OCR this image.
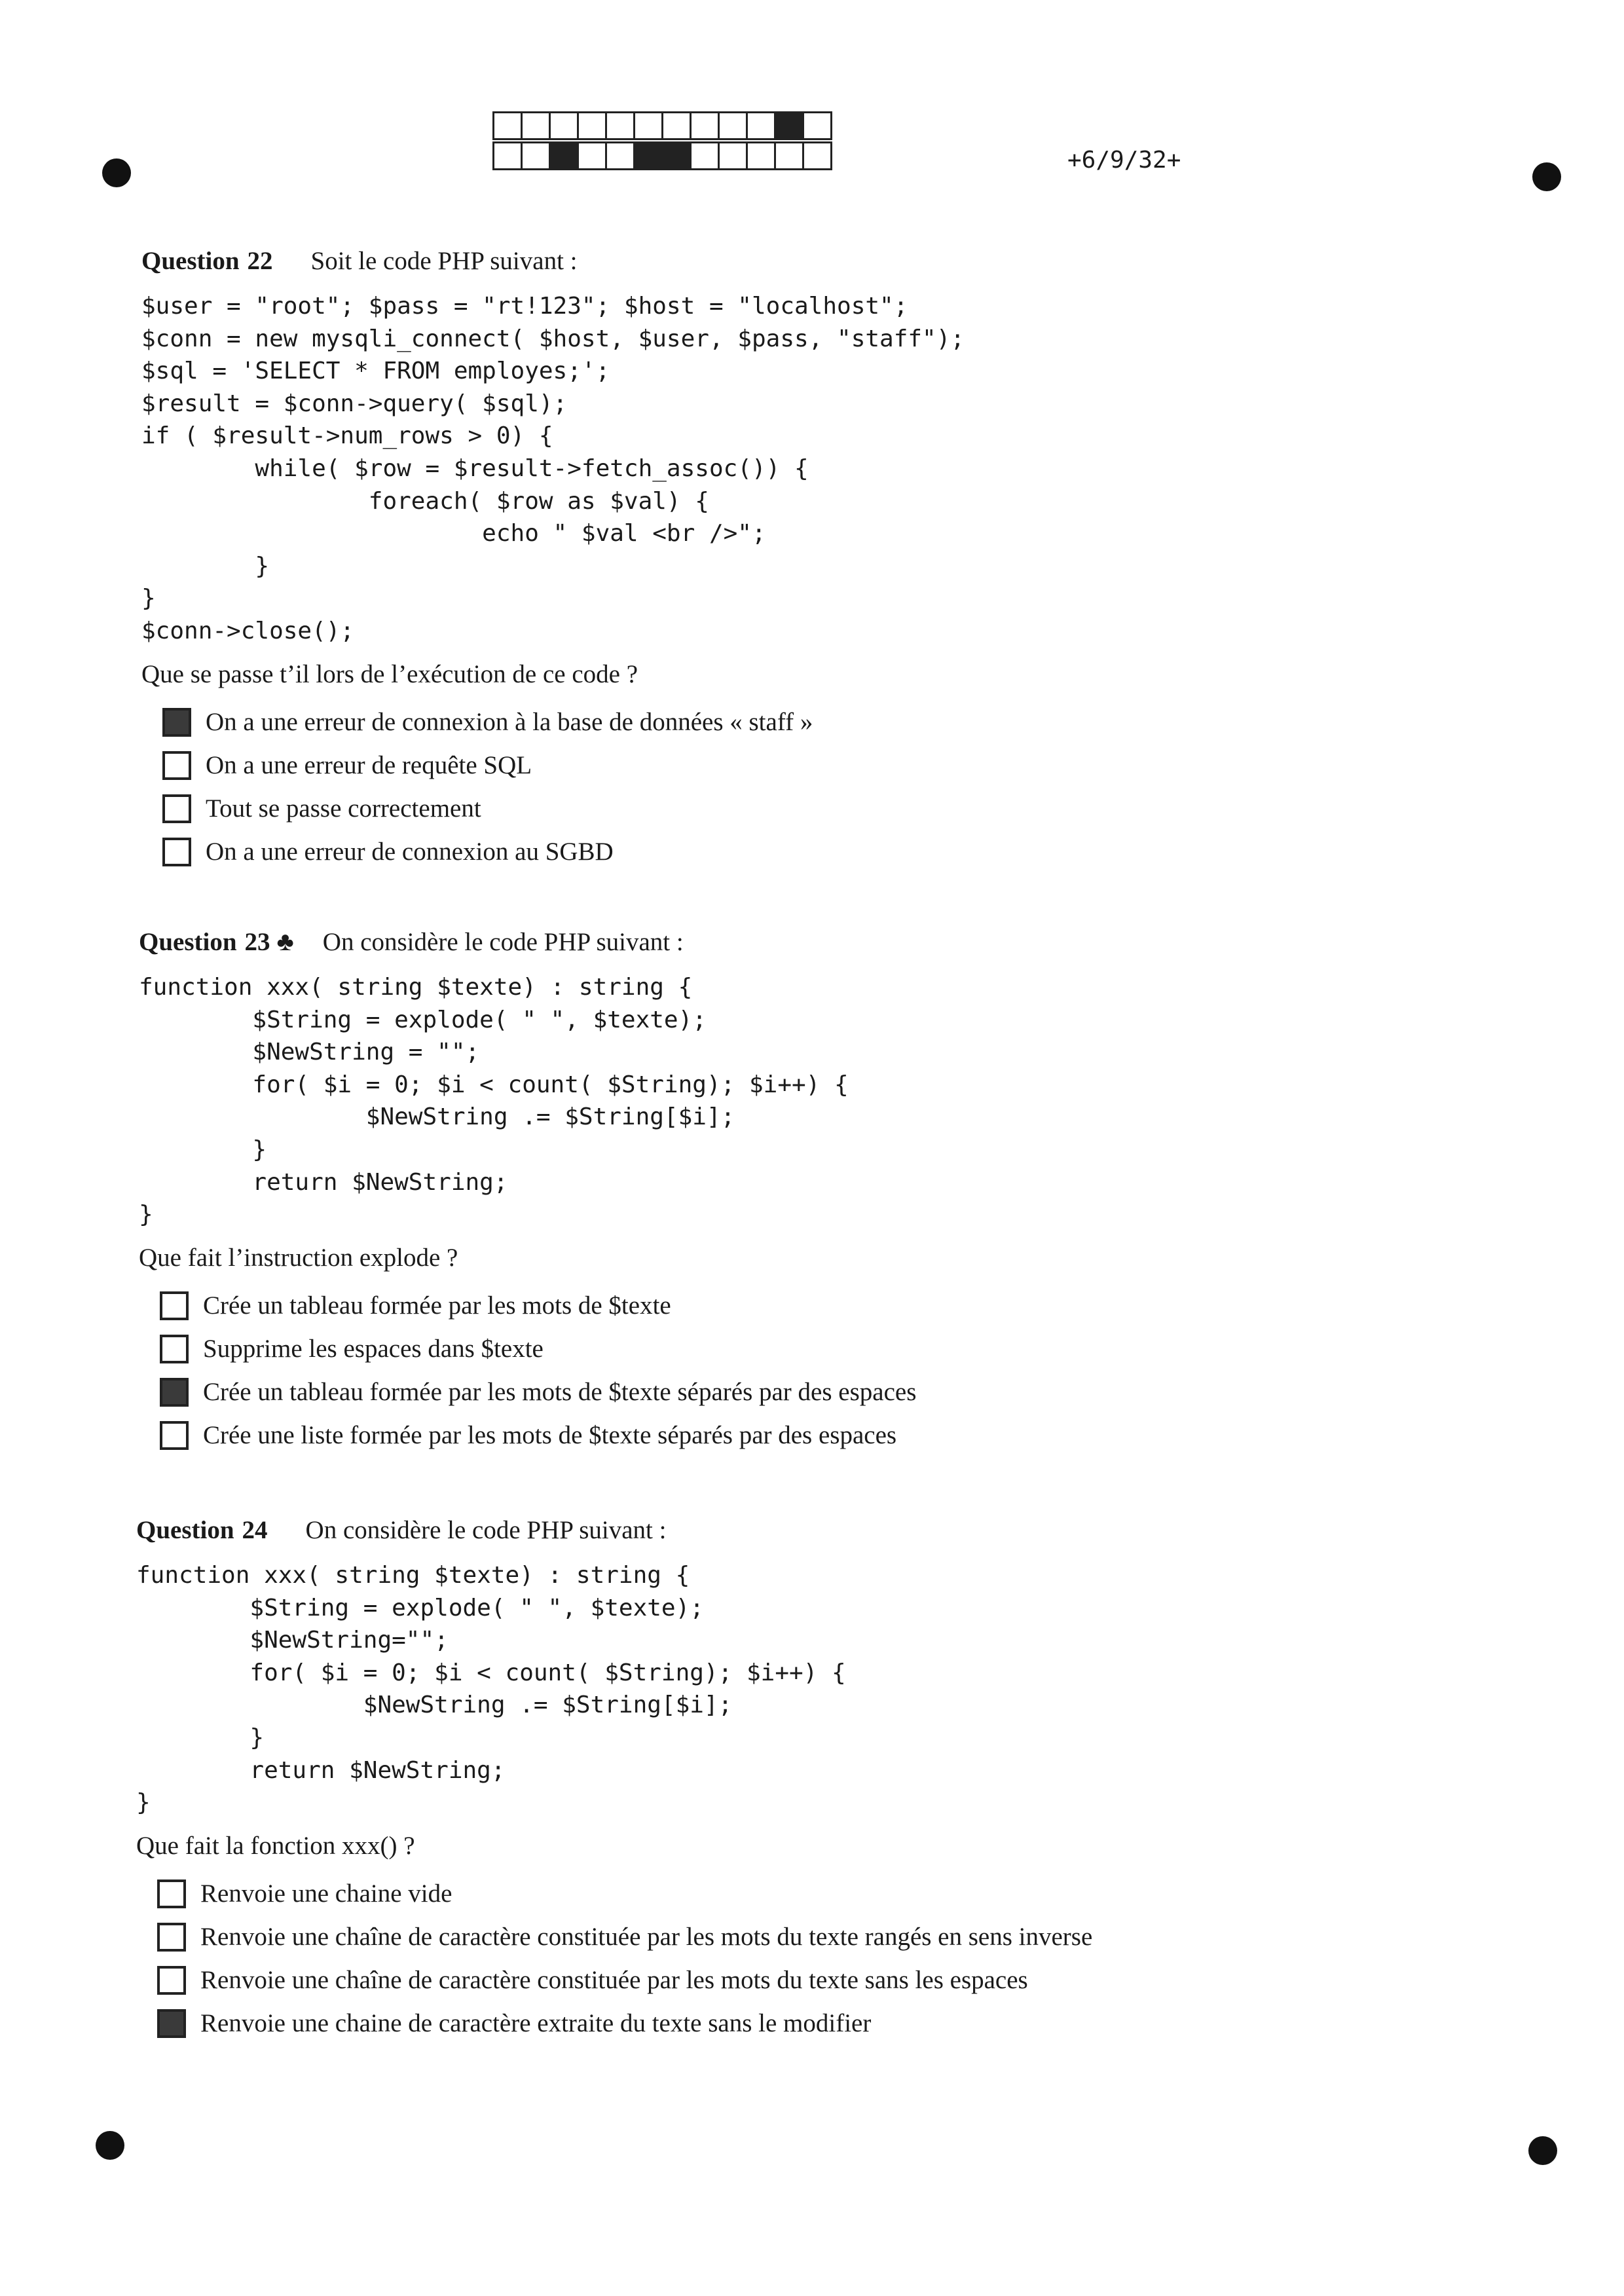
+6/9/32+
Question 22 Soit le code PHP suivant :
$user = "root"; $pass = "rt!123"; $host = "localhost";
$conn = new mysqli_connect( $host, $user, $pass, "staff");
$sql = 'SELECT * FROM employes;';
$result = $conn->query( $sql);
if ( $result->num_rows > 0) {
while( $row = $result->fetch_assoc()) {
foreach( $row as $val) {
echo " $val <br />";
}
}
$conn->close();
Que se passe t’il lors de l’exécution de ce code ?
On a une erreur de connexion à la base de données « staff »
On a une erreur de requête SQL
Tout se passe correctement
On a une erreur de connexion au SGBD
Question 23 ♣ On considère le code PHP suivant :
function xxx( string $texte) : string {
$String = explode( " ", $texte);
$NewString = "";
for( $i = 0; $i < count( $String); $i++) {
$NewString .= $String[$i];
}
return $NewString;
}
Que fait l’instruction explode ?
Crée un tableau formée par les mots de $texte
Supprime les espaces dans $texte
Crée un tableau formée par les mots de $texte séparés par des espaces
Crée une liste formée par les mots de $texte séparés par des espaces
Question 24 On considère le code PHP suivant :
function xxx( string $texte) : string {
$String = explode( " ", $texte);
$NewString="";
for( $i = 0; $i < count( $String); $i++) {
$NewString .= $String[$i];
}
return $NewString;
}
Que fait la fonction xxx() ?
Renvoie une chaine vide
Renvoie une chaîne de caractère constituée par les mots du texte rangés en sens inverse
Renvoie une chaîne de caractère constituée par les mots du texte sans les espaces
Renvoie une chaine de caractère extraite du texte sans le modifier
